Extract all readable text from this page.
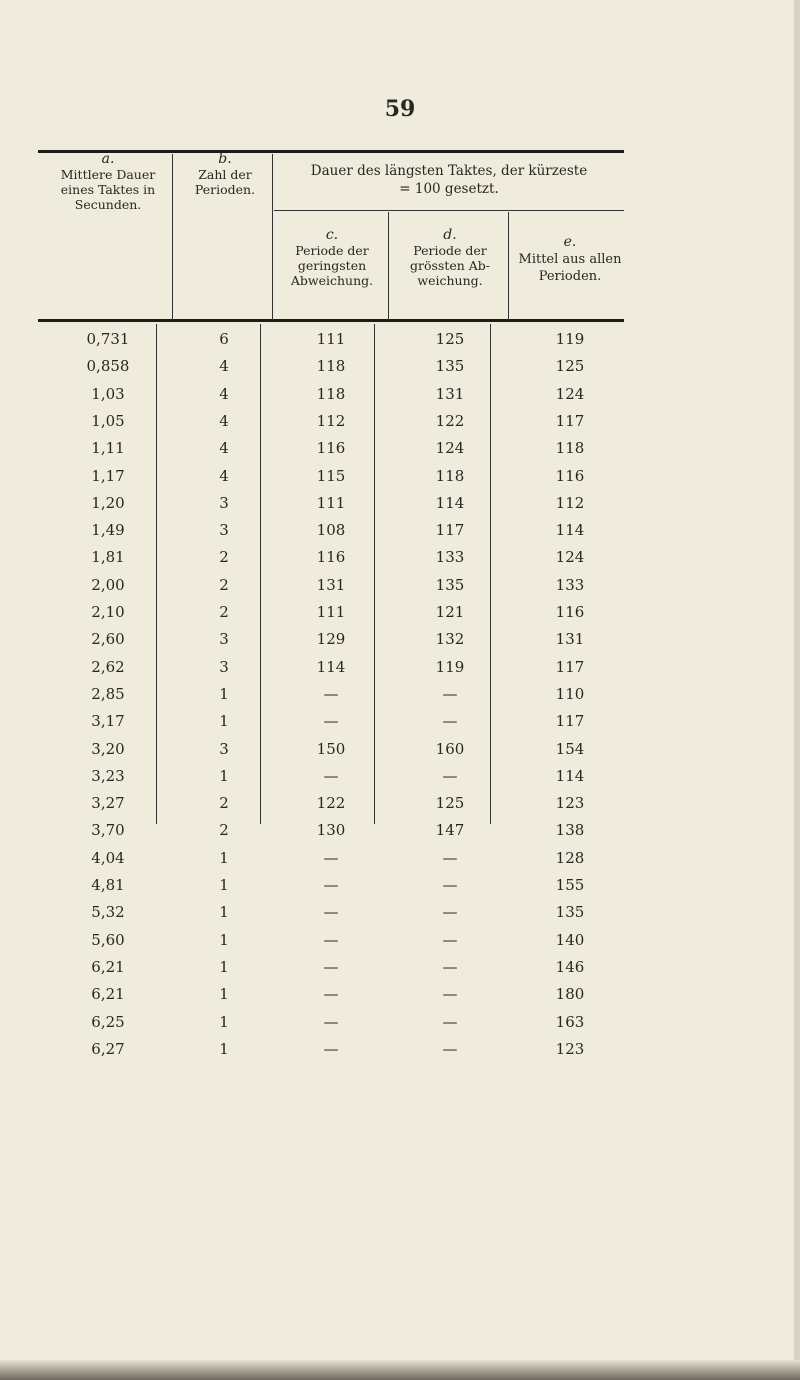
59
a.
Mittlere Dauer
eines Taktes in
Secunden.
b.
Zahl der
Perioden.
Dauer des längsten Taktes, der kürzeste
= 100 gesetzt.
c.
Periode der
geringsten
Abweichung.
d.
Periode der
grössten Ab-
weichung.
e.
Mittel aus allen
Perioden.
0,731	6	111	125	119
0,858	4	118	135	125
1,03	4	118	131	124
1,05	4	112	122	117
1,11	4	116	124	118
1,17	4	115	118	116
1,20	3	111	114	112
1,49	3	108	117	114
1,81	2	116	133	124
2,00	2	131	135	133
2,10	2	111	121	116
2,60	3	129	132	131
2,62	3	114	119	117
2,85	1	—	—	110
3,17	1	—	—	117
3,20	3	150	160	154
3,23	1	—	—	114
3,27	2	122	125	123
3,70	2	130	147	138
4,04	1	—	—	128
4,81	1	—	—	155
5,32	1	—	—	135
5,60	1	—	—	140
6,21	1	—	—	146
6,21	1	—	—	180
6,25	1	—	—	163
6,27	1	—	—	123
